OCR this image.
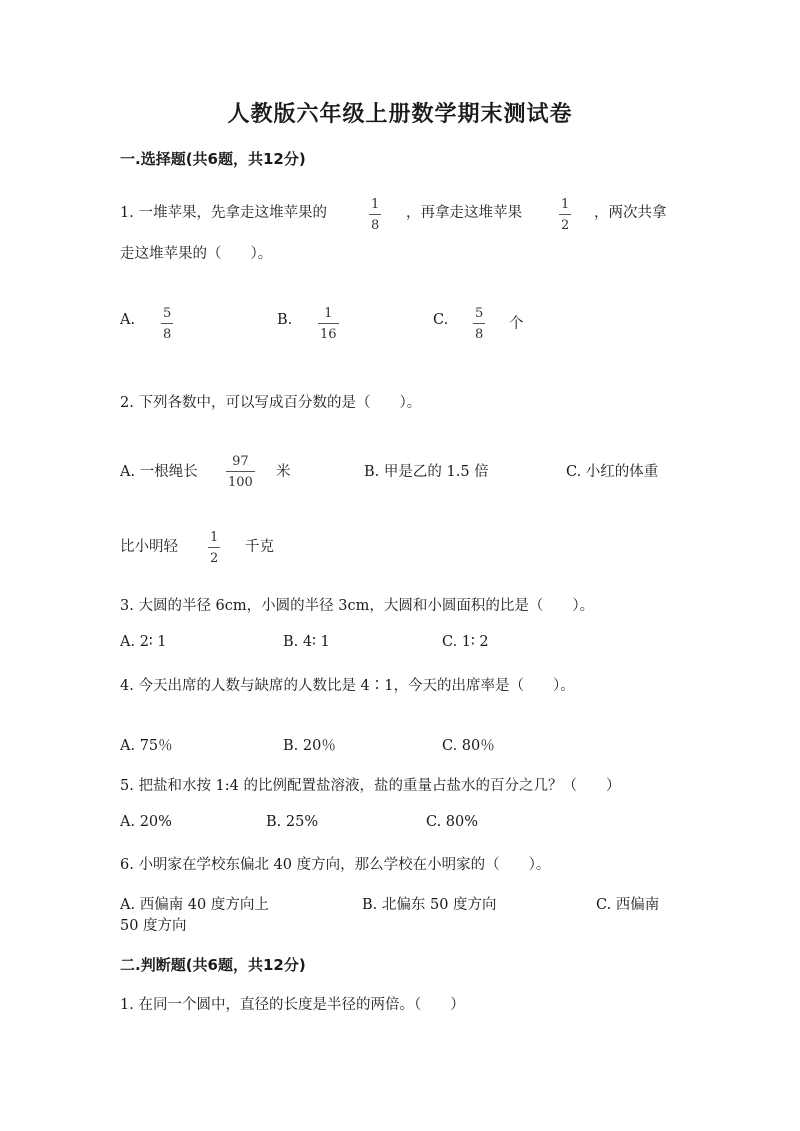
人教版六年级上册数学期末测试卷
一.选择题(共6题，共12分)
1. 一堆苹果，先拿走这堆苹果的
1
8
，再拿走这堆苹果
1
2
，两次共拿
走这堆苹果的（　　）。
A. 5
8
B. 1
16
C. 5
8
个
2. 下列各数中，可以写成百分数的是（　　）。
A. 一根绳长
97
100
米	B. 甲是乙的 1.5 倍	C. 小红的体重
比小明轻
1
2
千克
3. 大圆的半径 6cm，小圆的半径 3cm，大圆和小圆面积的比是（　　）。
A. 2∶ 1	B. 4∶ 1	C. 1∶ 2
4. 今天出席的人数与缺席的人数比是 4∶1，今天的出席率是（　　）。
A. 75％	B. 20％	C. 80％
5. 把盐和水按 1:4 的比例配置盐溶液，盐的重量占盐水的百分之几？（　　）
A. 20%	B. 25%	C. 80%
6. 小明家在学校东偏北 40 度方向，那么学校在小明家的（　　）。
A. 西偏南 40 度方向上	B. 北偏东 50 度方向	C. 西偏南
50 度方向
二.判断题(共6题，共12分)
1. 在同一个圆中，直径的长度是半径的两倍。（　　）
